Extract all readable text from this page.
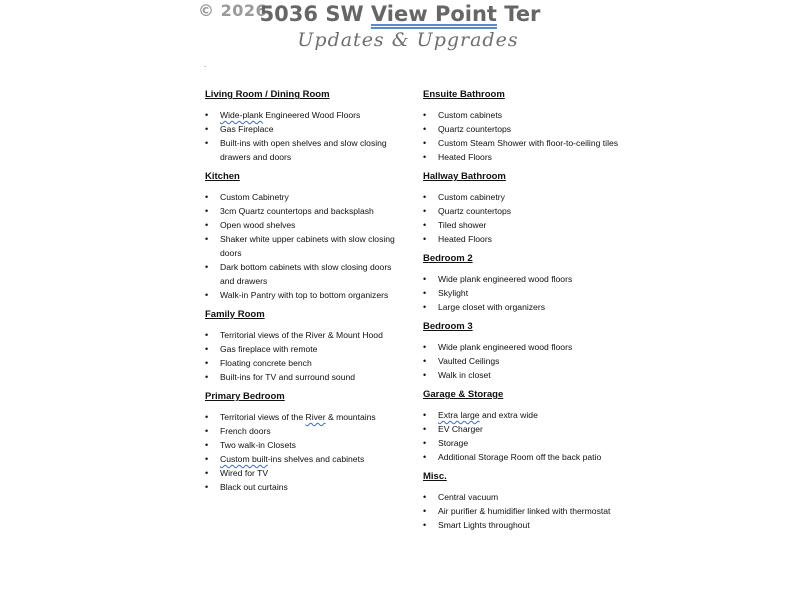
© 2026
5036 SW View Point Ter
Updates & Upgrades
.
Living Room / Dining Room
• Wide-plank Engineered Wood Floors
• Gas Fireplace
• Built-ins with open shelves and slow closing drawers and doors
Kitchen
• Custom Cabinetry
• 3cm Quartz countertops and backsplash
• Open wood shelves
• Shaker white upper cabinets with slow closing doors
• Dark bottom cabinets with slow closing doors and drawers
• Walk-in Pantry with top to bottom organizers
Family Room
• Territorial views of the River & Mount Hood
• Gas fireplace with remote
• Floating concrete bench
• Built-ins for TV and surround sound
Primary Bedroom
• Territorial views of the River & mountains
• French doors
• Two walk-in Closets
• Custom built-ins shelves and cabinets
• Wired for TV
• Black out curtains
Ensuite Bathroom
• Custom cabinets
• Quartz countertops
• Custom Steam Shower with floor-to-ceiling tiles
• Heated Floors
Hallway Bathroom
• Custom cabinetry
• Quartz countertops
• Tiled shower
• Heated Floors
Bedroom 2
• Wide plank engineered wood floors
• Skylight
• Large closet with organizers
Bedroom 3
• Wide plank engineered wood floors
• Vaulted Ceilings
• Walk in closet
Garage & Storage
• Extra large and extra wide
• EV Charger
• Storage
• Additional Storage Room off the back patio
Misc.
• Central vacuum
• Air purifier & humidifier linked with thermostat
• Smart Lights throughout
